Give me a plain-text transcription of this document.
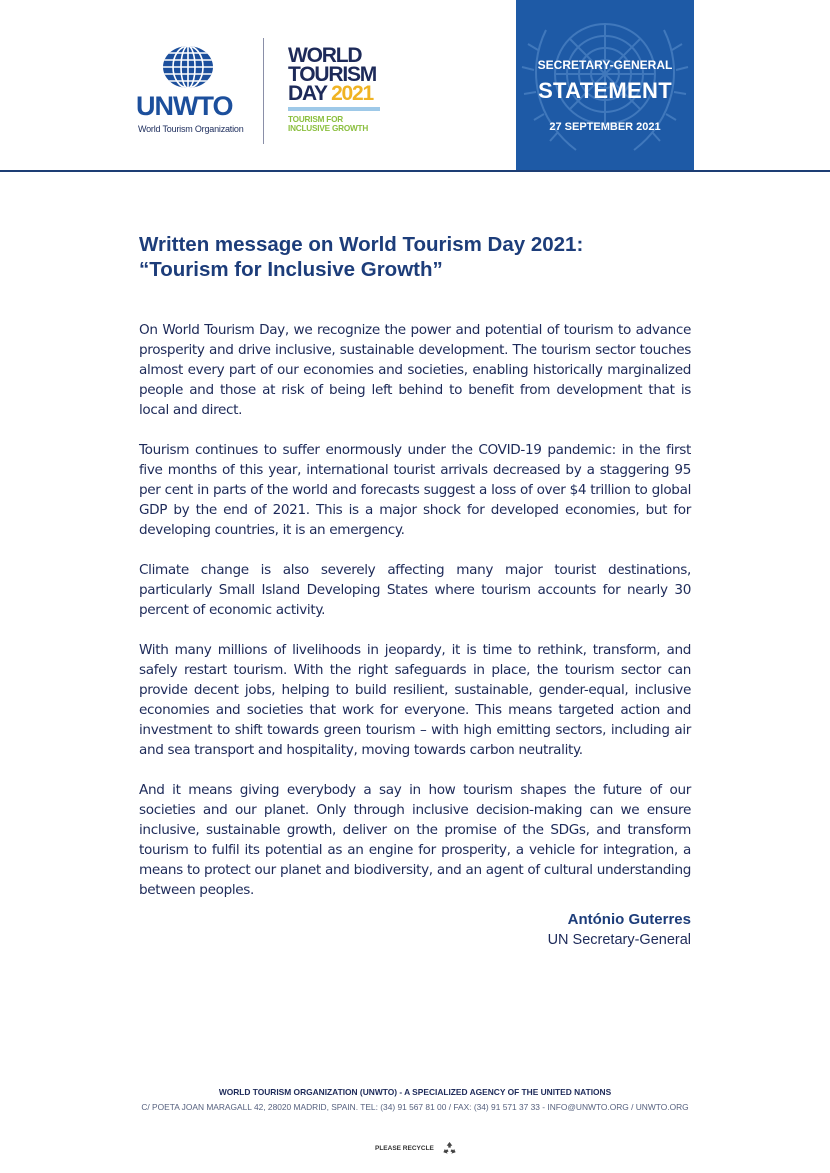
UNWTO
World Tourism Organization
WORLD
TOURISM
DAY 2021
TOURISM FOR
INCLUSIVE GROWTH
SECRETARY-GENERAL
STATEMENT
27 SEPTEMBER 2021
Written message on World Tourism Day 2021:
“Tourism for Inclusive Growth”

On World Tourism Day, we recognize the power and potential of tourism to advance prosperity and drive inclusive, sustainable development. The tourism sector touches almost every part of our economies and societies, enabling historically marginalized people and those at risk of being left behind to benefit from development that is local and direct.

Tourism continues to suffer enormously under the COVID-19 pandemic: in the first five months of this year, international tourist arrivals decreased by a staggering 95 per cent in parts of the world and forecasts suggest a loss of over $4 trillion to global GDP by the end of 2021. This is a major shock for developed economies, but for developing countries, it is an emergency.

Climate change is also severely affecting many major tourist destinations, particularly Small Island Developing States where tourism accounts for nearly 30 percent of economic activity.

With many millions of livelihoods in jeopardy, it is time to rethink, transform, and safely restart tourism. With the right safeguards in place, the tourism sector can provide decent jobs, helping to build resilient, sustainable, gender-equal, inclusive economies and societies that work for everyone. This means targeted action and investment to shift towards green tourism – with high emitting sectors, including air and sea transport and hospitality, moving towards carbon neutrality.

And it means giving everybody a say in how tourism shapes the future of our societies and our planet. Only through inclusive decision-making can we ensure inclusive, sustainable growth, deliver on the promise of the SDGs, and transform tourism to fulfil its potential as an engine for prosperity, a vehicle for integration, a means to protect our planet and biodiversity, and an agent of cultural understanding between peoples.

António Guterres
UN Secretary-General
WORLD TOURISM ORGANIZATION (UNWTO) - A SPECIALIZED AGENCY OF THE UNITED NATIONS
C/ POETA JOAN MARAGALL 42, 28020 MADRID, SPAIN. TEL: (34) 91 567 81 00 / FAX: (34) 91 571 37 33 - INFO@UNWTO.ORG / UNWTO.ORG
PLEASE RECYCLE
